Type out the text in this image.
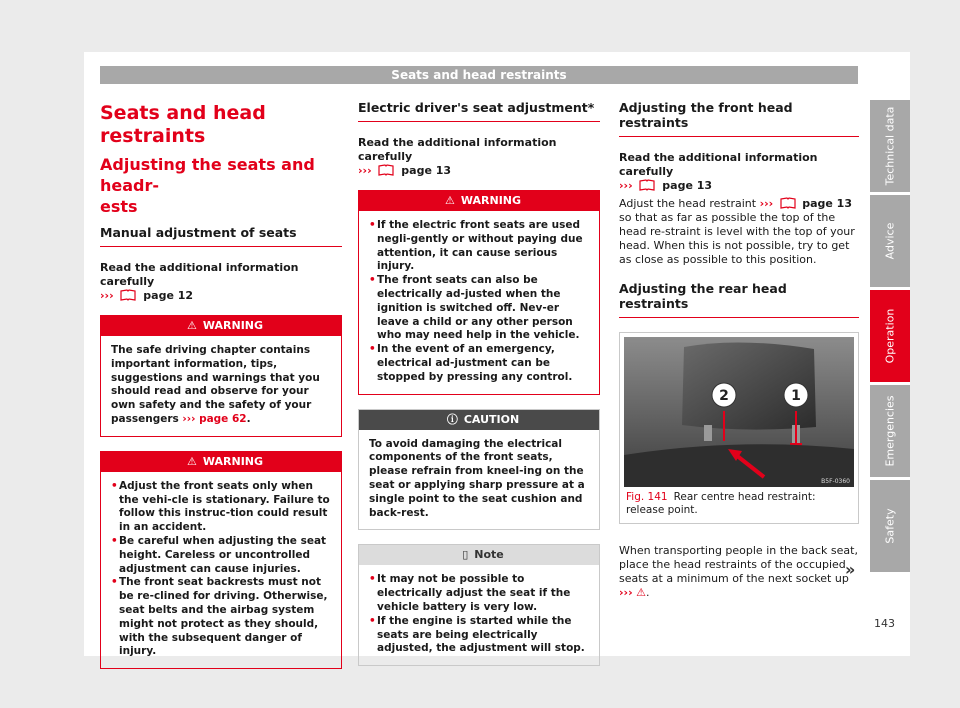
Seats and head restraints
Seats and head restraints
Adjusting the seats and headr-
ests
Manual adjustment of seats

Read the additional information carefully
›››	page 12

⚠ WARNING

The safe driving chapter contains important information, tips, suggestions and warnings that you should read and observe for your own safety and the safety of your passengers ››› page 62.

⚠ WARNING

• Adjust the front seats only when the vehi-cle is stationary. Failure to follow this instruc-tion could result in an accident.

• Be careful when adjusting the seat height. Careless or uncontrolled adjustment can cause injuries.

• The front seat backrests must not be re-clined for driving. Otherwise, seat belts and the airbag system might not protect as they should, with the subsequent danger of injury.

Electric driver's seat adjustment*

Read the additional information carefully
›››	page 13

⚠ WARNING

• If the electric front seats are used negli-gently or without paying due attention, it can cause serious injury.

• The front seats can also be electrically ad-justed when the ignition is switched off. Nev-er leave a child or any other person who may need help in the vehicle.

• In the event of an emergency, electrical ad-justment can be stopped by pressing any control.

ⓘ CAUTION

To avoid damaging the electrical components of the front seats, please refrain from kneel-ing on the seat or applying sharp pressure at a single point to the seat cushion and back-rest.

▯ Note

• It may not be possible to electrically adjust the seat if the vehicle battery is very low.

• If the engine is started while the seats are being electrically adjusted, the adjustment will stop.

Adjusting the front head restraints

Read the additional information carefully
›››	page 13

Adjust the head restraint ›››	page 13 so that as far as possible the top of the head re-straint is level with the top of your head. When this is not possible, try to get as close as possible to this position.

Adjusting the rear head restraints
2	1
B5F-0360
Fig. 141 Rear centre head restraint: release point.

When transporting people in the back seat, place the head restraints of the occupied seats at a minimum of the next socket up
››› ⚠.

»
Technical data
Advice
Operation
Emergencies
Safety
143
